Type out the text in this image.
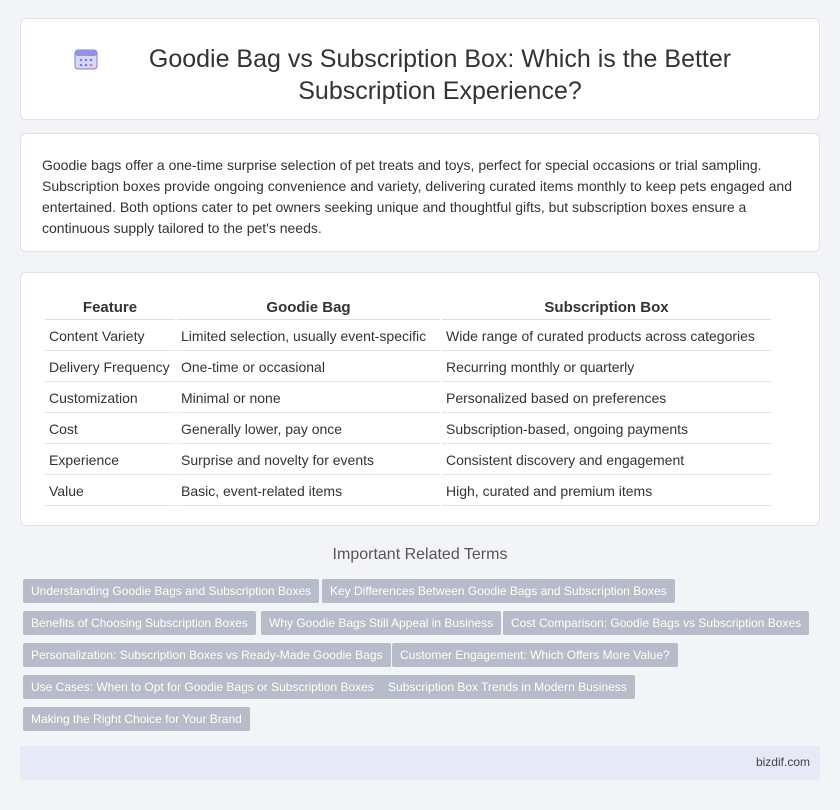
Goodie Bag vs Subscription Box: Which is the Better Subscription Experience?

Goodie bags offer a one-time surprise selection of pet treats and toys, perfect for special occasions or trial sampling. Subscription boxes provide ongoing convenience and variety, delivering curated items monthly to keep pets engaged and entertained. Both options cater to pet owners seeking unique and thoughtful gifts, but subscription boxes ensure a continuous supply tailored to the pet's needs.

Feature	Goodie Bag	Subscription Box
Content Variety	Limited selection, usually event-specific	Wide range of curated products across categories
Delivery Frequency	One-time or occasional	Recurring monthly or quarterly
Customization	Minimal or none	Personalized based on preferences
Cost	Generally lower, pay once	Subscription-based, ongoing payments
Experience	Surprise and novelty for events	Consistent discovery and engagement
Value	Basic, event-related items	High, curated and premium items
Important Related Terms
Understanding Goodie Bags and Subscription Boxes	Key Differences Between Goodie Bags and Subscription Boxes
Benefits of Choosing Subscription Boxes	Why Goodie Bags Still Appeal in Business	Cost Comparison: Goodie Bags vs Subscription Boxes
Personalization: Subscription Boxes vs Ready-Made Goodie Bags	Customer Engagement: Which Offers More Value?
Use Cases: When to Opt for Goodie Bags or Subscription Boxes	Subscription Box Trends in Modern Business
Making the Right Choice for Your Brand
bizdif.com
